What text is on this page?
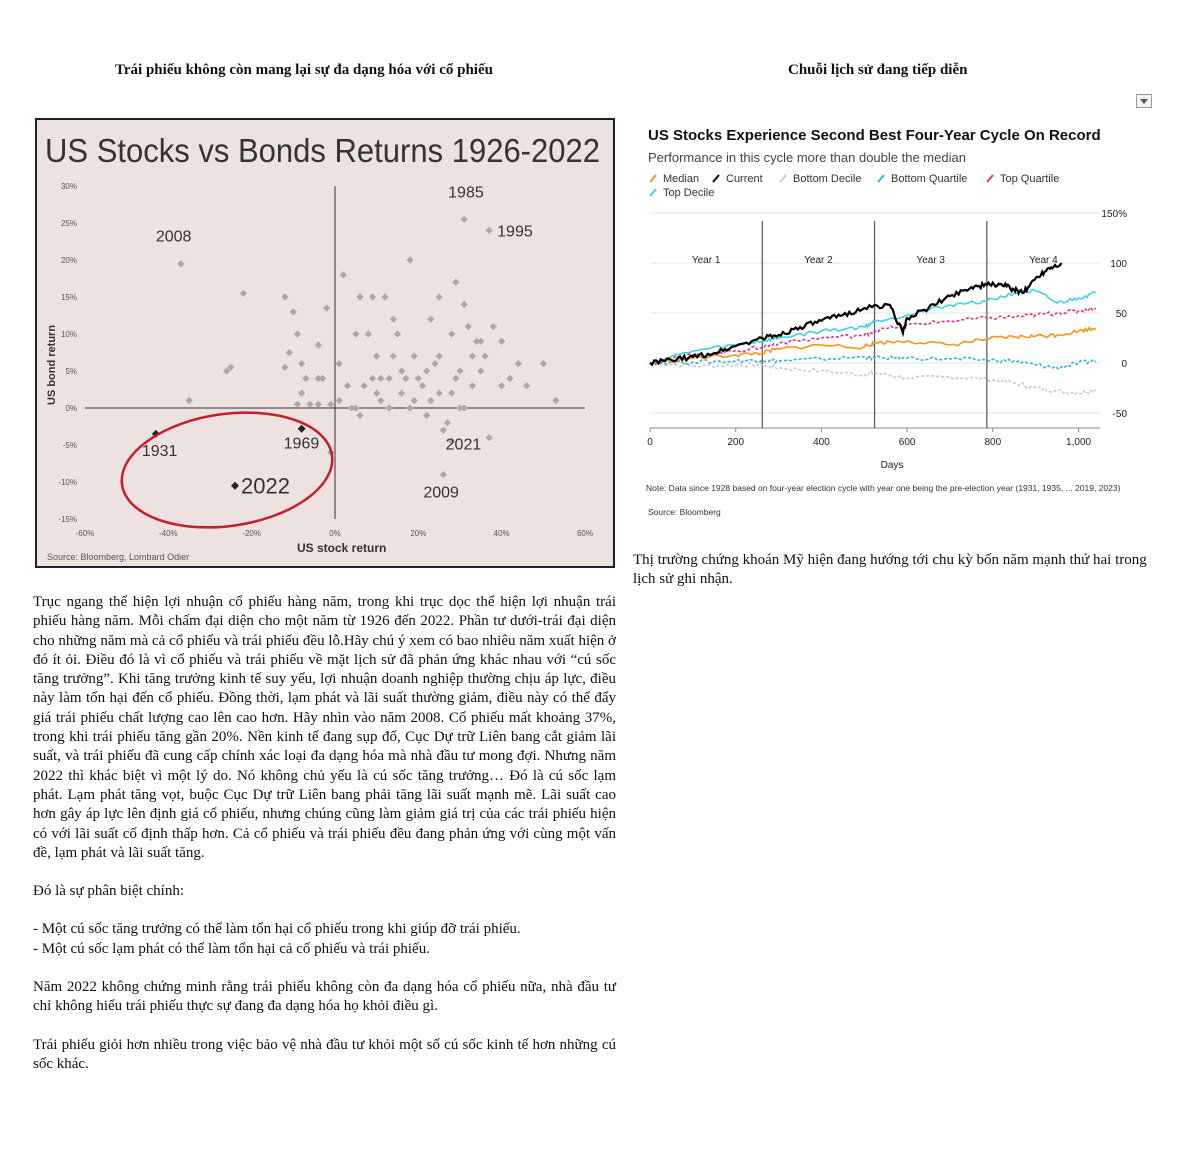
Trái phiếu không còn mang lại sự đa dạng hóa với cổ phiếu	Chuỗi lịch sử đang tiếp diễn
US Stocks vs Bonds Returns 1926-2022
30%
25%
20%
15%
10%
5%
0%
-5%
-10%
-15%
-60%	-40%	-20%	0%	20%	40%	60%
2008
1985
1995
1931	1969
2022
2021
2009
US stock return
US bond return
Source: Bloomberg, Lombard Odier
US Stocks Experience Second Best Four-Year Cycle On Record
Performance in this cycle more than double the median
Median Current	Bottom Decile	Bottom Quartile	Top Quartile
Top Decile
150%
100
50
0
-50
0	200	400	600	800	1,000
Year 1	Year 2	Year 3	Year 4
Days
Note: Data since 1928 based on four-year election cycle with year one being the pre-election year (1931, 1935, ... 2019, 2023)
Source: Bloomberg
Thị trường chứng khoán Mỹ hiện đang hướng tới chu kỳ bốn năm mạnh thứ hai trong lịch sử ghi nhận.

Trục ngang thể hiện lợi nhuận cổ phiếu hàng năm, trong khi trục dọc thể hiện lợi nhuận trái phiếu hàng năm. Mỗi chấm đại diện cho một năm từ 1926 đến 2022. Phần tư dưới-trái đại diện cho những năm mà cả cổ phiếu và trái phiếu đều lỗ.Hãy chú ý xem có bao nhiêu năm xuất hiện ở đó ít ỏi. Điều đó là vì cổ phiếu và trái phiếu về mặt lịch sử đã phản ứng khác nhau với “cú sốc tăng trưởng”. Khi tăng trưởng kinh tế suy yếu, lợi nhuận doanh nghiệp thường chịu áp lực, điều này làm tổn hại đến cổ phiếu. Đồng thời, lạm phát và lãi suất thường giảm, điều này có thể đẩy giá trái phiếu chất lượng cao lên cao hơn. Hãy nhìn vào năm 2008. Cổ phiếu mất khoảng 37%, trong khi trái phiếu tăng gần 20%. Nền kinh tế đang sụp đổ, Cục Dự trữ Liên bang cắt giảm lãi suất, và trái phiếu đã cung cấp chính xác loại đa dạng hóa mà nhà đầu tư mong đợi. Nhưng năm 2022 thì khác biệt vì một lý do. Nó không chủ yếu là cú sốc tăng trưởng… Đó là cú sốc lạm phát. Lạm phát tăng vọt, buộc Cục Dự trữ Liên bang phải tăng lãi suất mạnh mẽ. Lãi suất cao hơn gây áp lực lên định giá cổ phiếu, nhưng chúng cũng làm giảm giá trị của các trái phiếu hiện có với lãi suất cố định thấp hơn. Cả cổ phiếu và trái phiếu đều đang phản ứng với cùng một vấn đề, lạm phát và lãi suất tăng.

Đó là sự phân biệt chính:

- Một cú sốc tăng trưởng có thể làm tổn hại cổ phiếu trong khi giúp đỡ trái phiếu.

- Một cú sốc lạm phát có thể làm tổn hại cả cổ phiếu và trái phiếu.

Năm 2022 không chứng minh rằng trái phiếu không còn đa dạng hóa cổ phiếu nữa, nhà đầu tư chỉ không hiểu trái phiếu thực sự đang đa dạng hóa họ khỏi điều gì.

Trái phiếu giỏi hơn nhiều trong việc bảo vệ nhà đầu tư khỏi một số cú sốc kinh tế hơn những cú sốc khác.
